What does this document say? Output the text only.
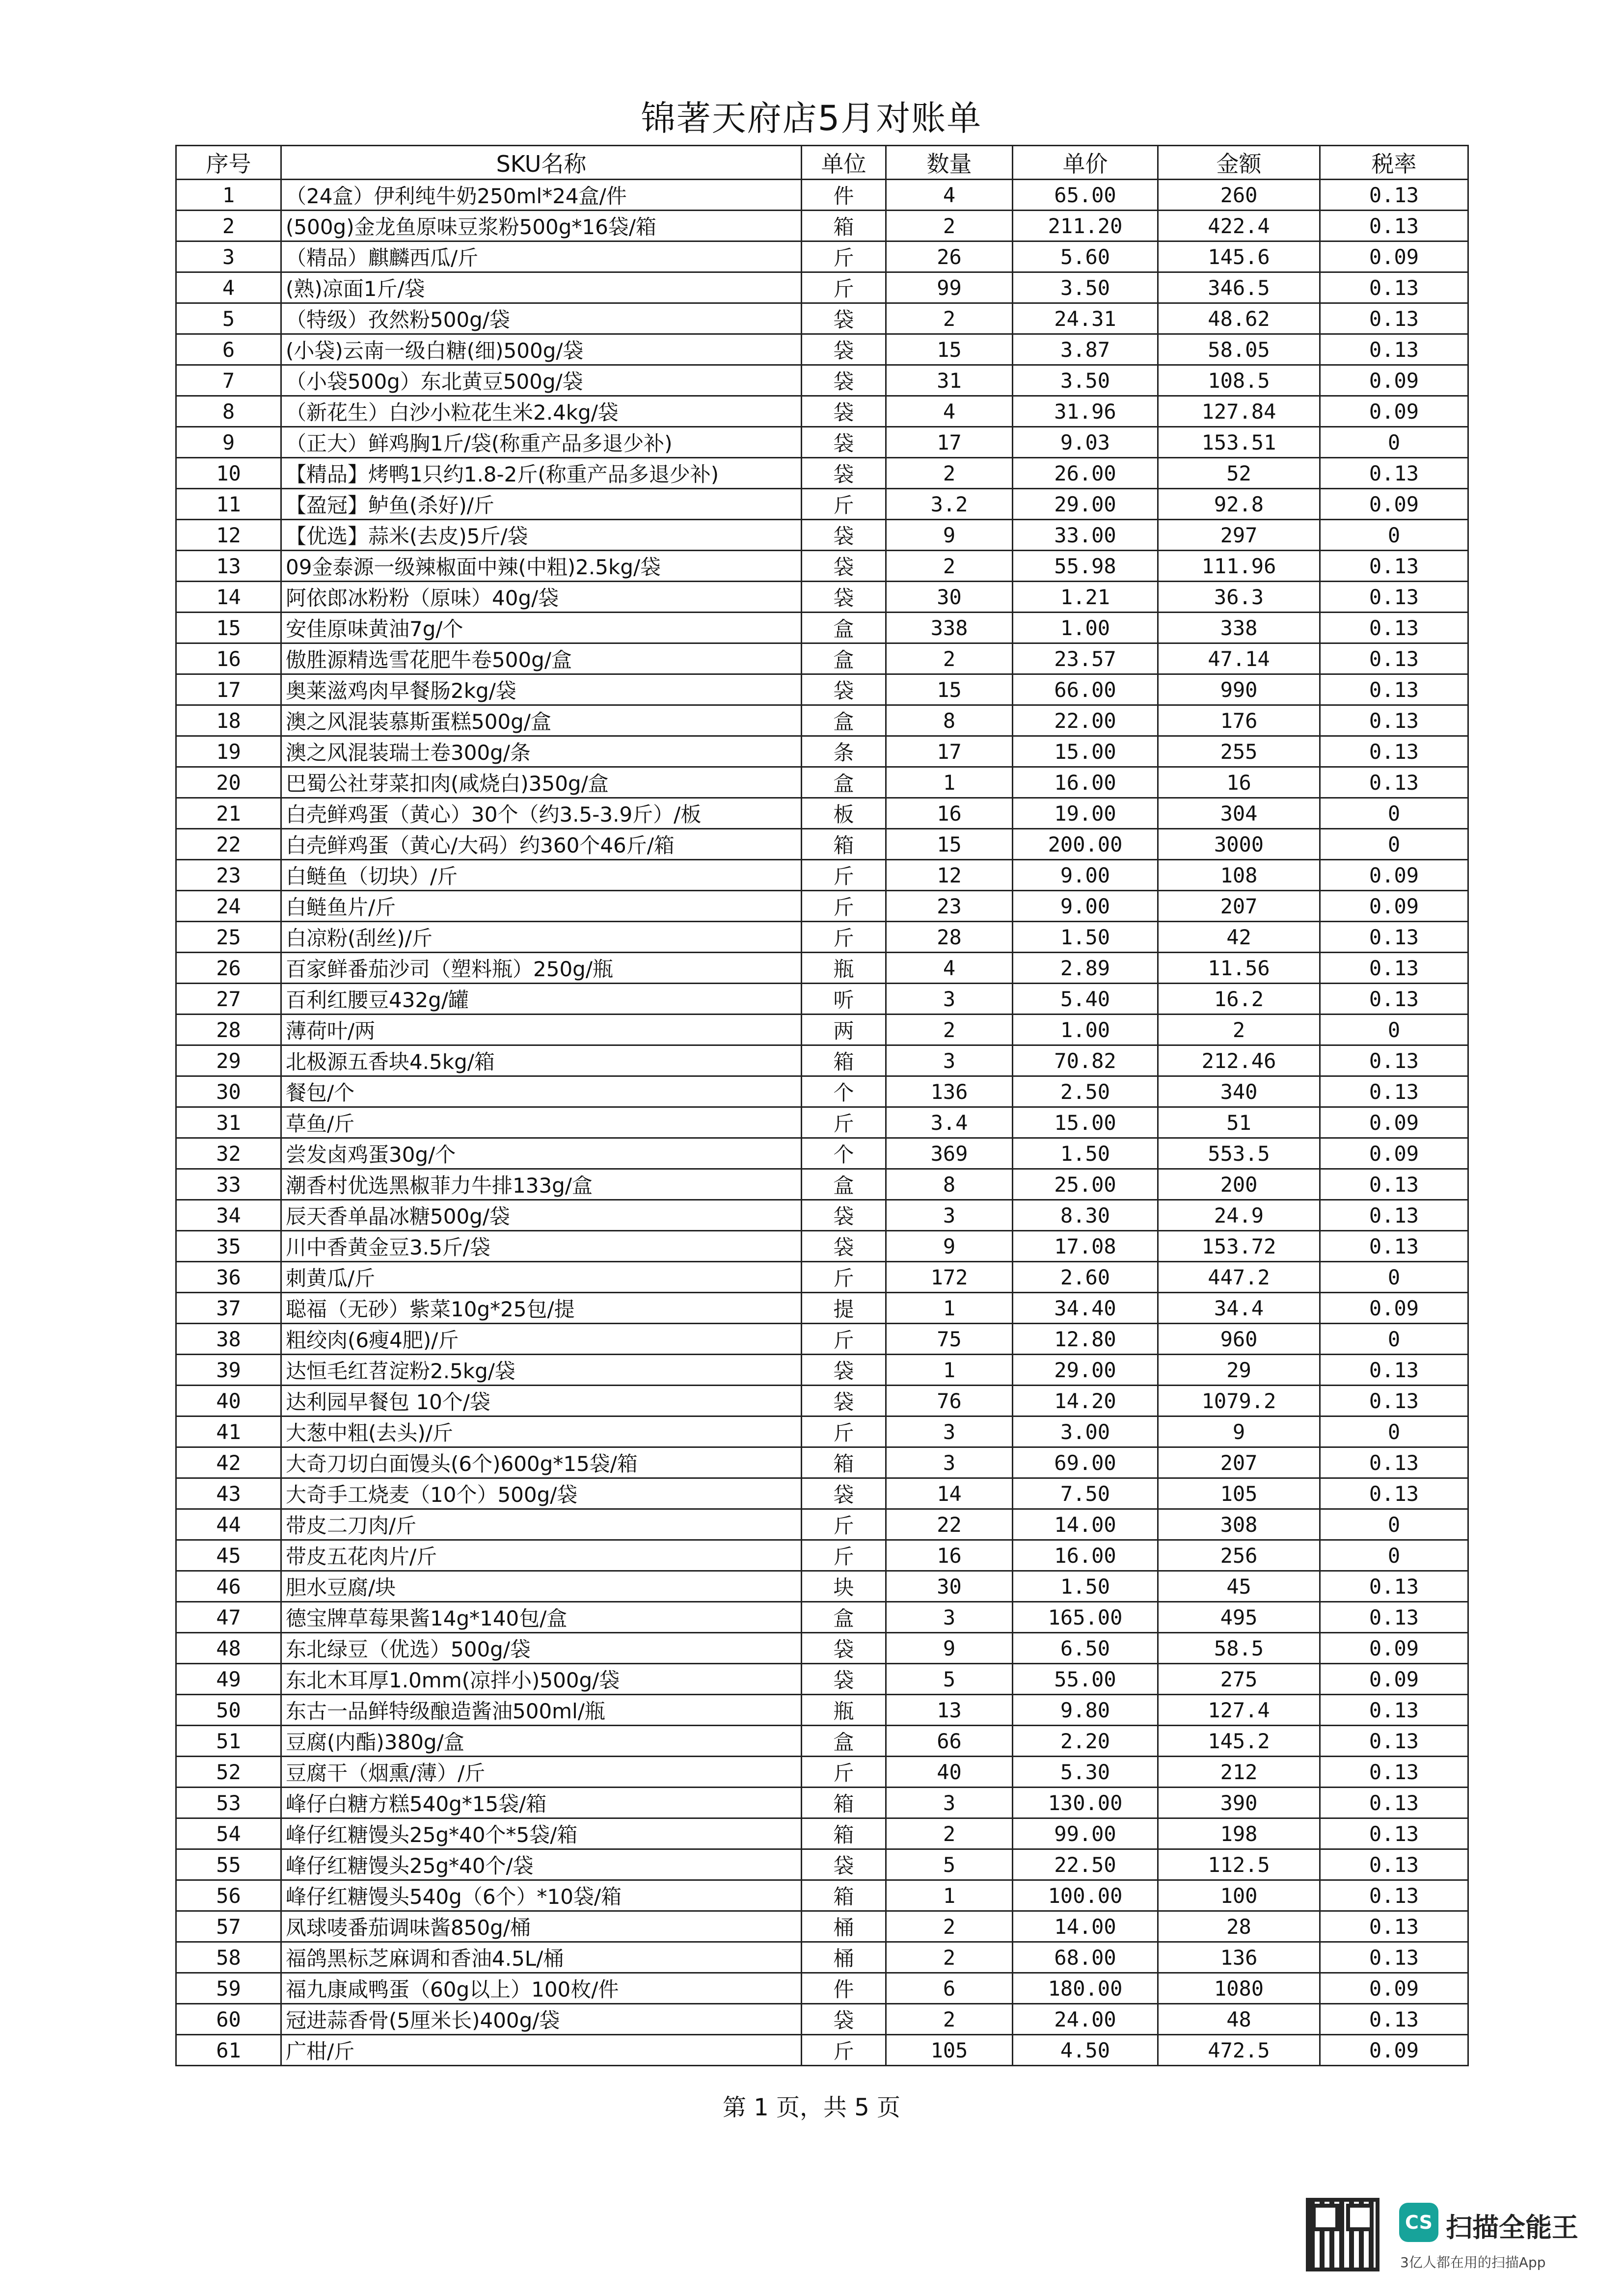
锦著天府店5月对账单
序号	SKU名称	单位	数量	单价	金额	税率
1	（24盒）伊利纯牛奶250ml*24盒/件	件	4	65.00	260	0.13
2	(500g)金龙鱼原味豆浆粉500g*16袋/箱	箱	2	211.20	422.4	0.13
3	（精品）麒麟西瓜/斤	斤	26	5.60	145.6	0.09
4	(熟)凉面1斤/袋	斤	99	3.50	346.5	0.13
5	（特级）孜然粉500g/袋	袋	2	24.31	48.62	0.13
6	(小袋)云南一级白糖(细)500g/袋	袋	15	3.87	58.05	0.13
7	（小袋500g）东北黄豆500g/袋	袋	31	3.50	108.5	0.09
8	（新花生）白沙小粒花生米2.4kg/袋	袋	4	31.96	127.84	0.09
9	（正大）鲜鸡胸1斤/袋(称重产品多退少补)	袋	17	9.03	153.51	0
10	【精品】烤鸭1只约1.8-2斤(称重产品多退少补)	袋	2	26.00	52	0.13
11	【盈冠】鲈鱼(杀好)/斤	斤	3.2	29.00	92.8	0.09
12	【优选】蒜米(去皮)5斤/袋	袋	9	33.00	297	0
13	09金泰源一级辣椒面中辣(中粗)2.5kg/袋	袋	2	55.98	111.96	0.13
14	阿依郎冰粉粉（原味）40g/袋	袋	30	1.21	36.3	0.13
15	安佳原味黄油7g/个	盒	338	1.00	338	0.13
16	傲胜源精选雪花肥牛卷500g/盒	盒	2	23.57	47.14	0.13
17	奥莱滋鸡肉早餐肠2kg/袋	袋	15	66.00	990	0.13
18	澳之风混装慕斯蛋糕500g/盒	盒	8	22.00	176	0.13
19	澳之风混装瑞士卷300g/条	条	17	15.00	255	0.13
20	巴蜀公社芽菜扣肉(咸烧白)350g/盒	盒	1	16.00	16	0.13
21	白壳鲜鸡蛋（黄心）30个（约3.5-3.9斤）/板	板	16	19.00	304	0
22	白壳鲜鸡蛋（黄心/大码）约360个46斤/箱	箱	15	200.00	3000	0
23	白鲢鱼（切块）/斤	斤	12	9.00	108	0.09
24	白鲢鱼片/斤	斤	23	9.00	207	0.09
25	白凉粉(刮丝)/斤	斤	28	1.50	42	0.13
26	百家鲜番茄沙司（塑料瓶）250g/瓶	瓶	4	2.89	11.56	0.13
27	百利红腰豆432g/罐	听	3	5.40	16.2	0.13
28	薄荷叶/两	两	2	1.00	2	0
29	北极源五香块4.5kg/箱	箱	3	70.82	212.46	0.13
30	餐包/个	个	136	2.50	340	0.13
31	草鱼/斤	斤	3.4	15.00	51	0.09
32	尝发卤鸡蛋30g/个	个	369	1.50	553.5	0.09
33	潮香村优选黑椒菲力牛排133g/盒	盒	8	25.00	200	0.13
34	辰天香单晶冰糖500g/袋	袋	3	8.30	24.9	0.13
35	川中香黄金豆3.5斤/袋	袋	9	17.08	153.72	0.13
36	刺黄瓜/斤	斤	172	2.60	447.2	0
37	聪福（无砂）紫菜10g*25包/提	提	1	34.40	34.4	0.09
38	粗绞肉(6瘦4肥)/斤	斤	75	12.80	960	0
39	达恒毛红苕淀粉2.5kg/袋	袋	1	29.00	29	0.13
40	达利园早餐包 10个/袋	袋	76	14.20	1079.2	0.13
41	大葱中粗(去头)/斤	斤	3	3.00	9	0
42	大奇刀切白面馒头(6个)600g*15袋/箱	箱	3	69.00	207	0.13
43	大奇手工烧麦（10个）500g/袋	袋	14	7.50	105	0.13
44	带皮二刀肉/斤	斤	22	14.00	308	0
45	带皮五花肉片/斤	斤	16	16.00	256	0
46	胆水豆腐/块	块	30	1.50	45	0.13
47	德宝牌草莓果酱14g*140包/盒	盒	3	165.00	495	0.13
48	东北绿豆（优选）500g/袋	袋	9	6.50	58.5	0.09
49	东北木耳厚1.0mm(凉拌小)500g/袋	袋	5	55.00	275	0.09
50	东古一品鲜特级酿造酱油500ml/瓶	瓶	13	9.80	127.4	0.13
51	豆腐(内酯)380g/盒	盒	66	2.20	145.2	0.13
52	豆腐干（烟熏/薄）/斤	斤	40	5.30	212	0.13
53	峰仔白糖方糕540g*15袋/箱	箱	3	130.00	390	0.13
54	峰仔红糖馒头25g*40个*5袋/箱	箱	2	99.00	198	0.13
55	峰仔红糖馒头25g*40个/袋	袋	5	22.50	112.5	0.13
56	峰仔红糖馒头540g（6个）*10袋/箱	箱	1	100.00	100	0.13
57	凤球唛番茄调味酱850g/桶	桶	2	14.00	28	0.13
58	福鸽黑标芝麻调和香油4.5L/桶	桶	2	68.00	136	0.13
59	福九康咸鸭蛋（60g以上）100枚/件	件	6	180.00	1080	0.09
60	冠进蒜香骨(5厘米长)400g/袋	袋	2	24.00	48	0.13
61	广柑/斤	斤	105	4.50	472.5	0.09
第 1 页，共 5 页
CS 扫描全能王
3亿人都在用的扫描App
